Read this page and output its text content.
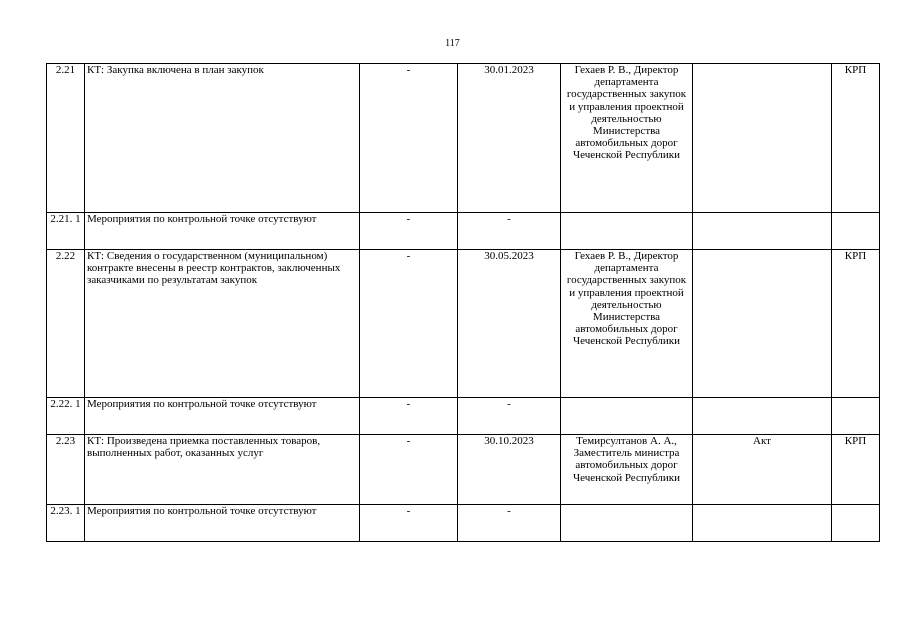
117
2.21	КТ: Закупка включена в план закупок	-	30.01.2023	Гехаев Р. В., Директор департамента государственных закупок и управления проектной деятельностью Министерства автомобильных дорог Чеченской Республики		КРП
2.21. 1	Мероприятия по контрольной точке отсутствуют	-	-			
2.22	КТ: Сведения о государственном (муниципальном) контракте внесены в реестр контрактов, заключенных заказчиками по результатам закупок	-	30.05.2023	Гехаев Р. В., Директор департамента государственных закупок и управления проектной деятельностью Министерства автомобильных дорог Чеченской Республики		КРП
2.22. 1	Мероприятия по контрольной точке отсутствуют	-	-			
2.23	КТ: Произведена приемка поставленных товаров, выполненных работ, оказанных услуг	-	30.10.2023	Темирсултанов А. А., Заместитель министра автомобильных дорог Чеченской Республики	Акт	КРП
2.23. 1	Мероприятия по контрольной точке отсутствуют	-	-			
